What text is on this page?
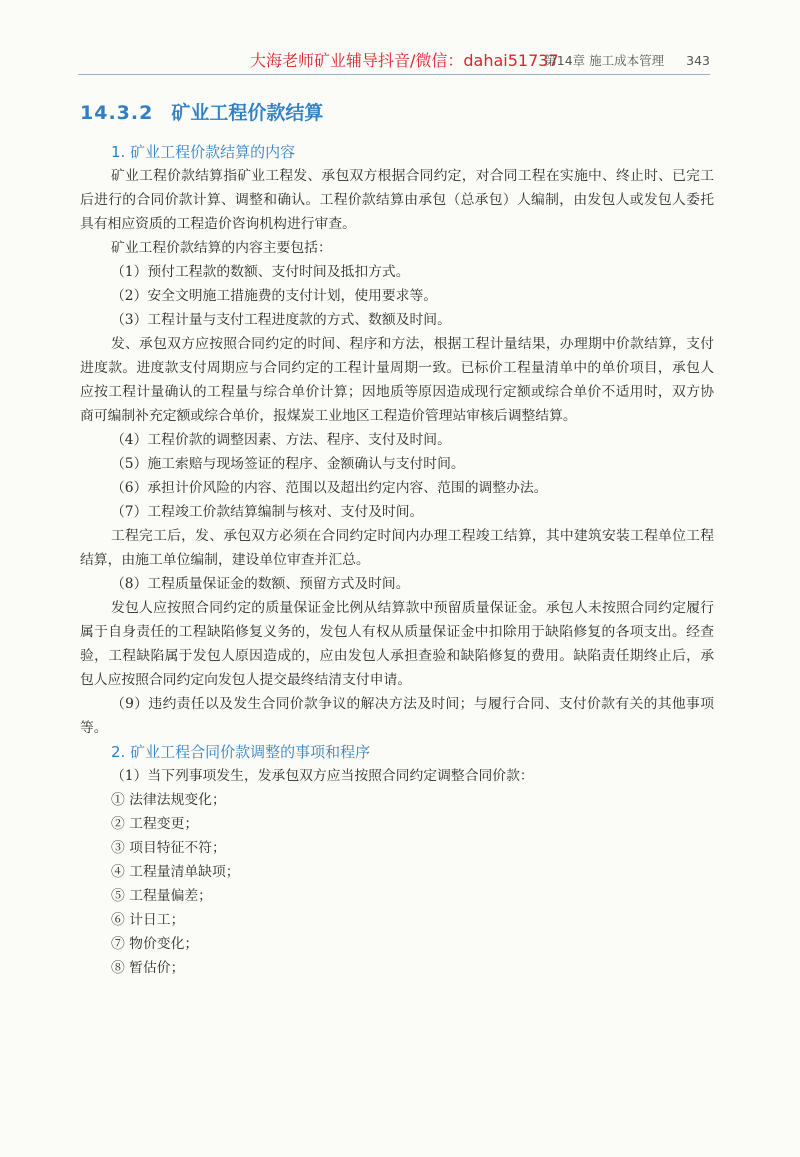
大海老师矿业辅导抖音/微信：dahai51737
第14章 施工成本管理 343
14.3.2 矿业工程价款结算
1. 矿业工程价款结算的内容

矿业工程价款结算指矿业工程发、承包双方根据合同约定，对合同工程在实施中、终止时、已完工后进行的合同价款计算、调整和确认。工程价款结算由承包（总承包）人编制，由发包人或发包人委托具有相应资质的工程造价咨询机构进行审查。

矿业工程价款结算的内容主要包括：

（1）预付工程款的数额、支付时间及抵扣方式。

（2）安全文明施工措施费的支付计划，使用要求等。

（3）工程计量与支付工程进度款的方式、数额及时间。

发、承包双方应按照合同约定的时间、程序和方法，根据工程计量结果，办理期中价款结算，支付进度款。进度款支付周期应与合同约定的工程计量周期一致。已标价工程量清单中的单价项目，承包人应按工程计量确认的工程量与综合单价计算；因地质等原因造成现行定额或综合单价不适用时，双方协商可编制补充定额或综合单价，报煤炭工业地区工程造价管理站审核后调整结算。

（4）工程价款的调整因素、方法、程序、支付及时间。

（5）施工索赔与现场签证的程序、金额确认与支付时间。

（6）承担计价风险的内容、范围以及超出约定内容、范围的调整办法。

（7）工程竣工价款结算编制与核对、支付及时间。

工程完工后，发、承包双方必须在合同约定时间内办理工程竣工结算，其中建筑安装工程单位工程结算，由施工单位编制，建设单位审查并汇总。

（8）工程质量保证金的数额、预留方式及时间。

发包人应按照合同约定的质量保证金比例从结算款中预留质量保证金。承包人未按照合同约定履行属于自身责任的工程缺陷修复义务的，发包人有权从质量保证金中扣除用于缺陷修复的各项支出。经查验，工程缺陷属于发包人原因造成的，应由发包人承担查验和缺陷修复的费用。缺陷责任期终止后，承包人应按照合同约定向发包人提交最终结清支付申请。

（9）违约责任以及发生合同价款争议的解决方法及时间；与履行合同、支付价款有关的其他事项等。

2. 矿业工程合同价款调整的事项和程序

（1）当下列事项发生，发承包双方应当按照合同约定调整合同价款：

① 法律法规变化；

② 工程变更；

③ 项目特征不符；

④ 工程量清单缺项；

⑤ 工程量偏差；

⑥ 计日工；

⑦ 物价变化；

⑧ 暂估价；
